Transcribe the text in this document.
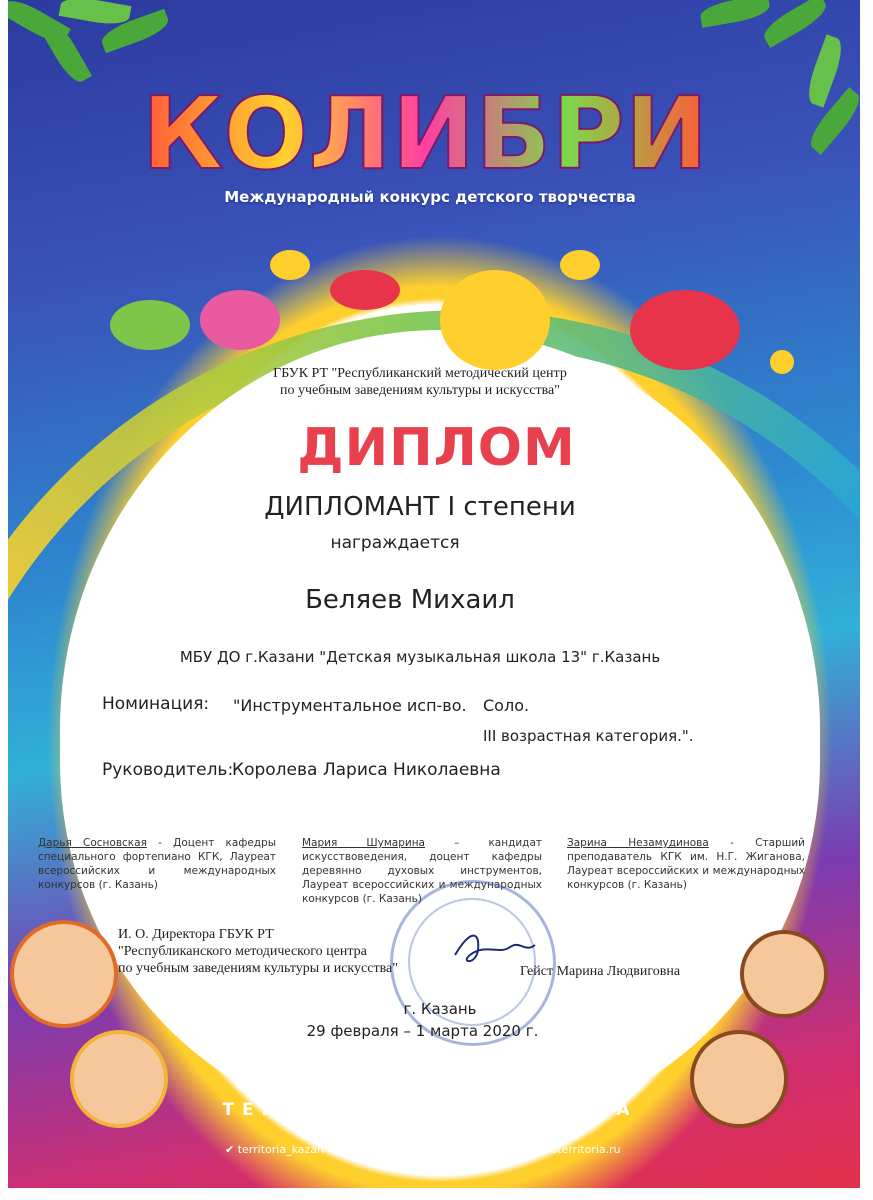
КОЛИБРИ
Международный конкурс детского творчества
ГБУК РТ "Республиканский методический центр
по учебным заведениям культуры и искусства"
ДИПЛОМ
ДИПЛОМАНТ I степени
награждается
Беляев Михаил
МБУ ДО г.Казани "Детская музыкальная школа 13" г.Казань
Номинация: "Инструментальное исп-во. Соло.
III возрастная категория.".
Руководитель:
Королева Лариса Николаевна
Дарья Сосновская - Доцент кафедры специального фортепиано КГК, Лауреат всероссийских и международных конкурсов (г. Казань)
Мария Шумарина – кандидат искусствоведения, доцент кафедры деревянно духовых инструментов, Лауреат всероссийских и международных конкурсов (г. Казань)
Зарина Незамудинова - Старший преподаватель КГК им. Н.Г. Жиганова, Лауреат всероссийских и международных конкурсов (г. Казань)
И. О. Директора ГБУК РТ
"Республиканского методического центра
по учебным заведениям культуры и искусства"	Гейст Марина Людвиговна
г. Казань
29 февраля – 1 марта 2020 г.
ТЕРРИТОРИЯТВОРЧЕСТВА
✔ territoria_kazan	◎ territoriatvorchestva	⊕ fondterritoria.ru
